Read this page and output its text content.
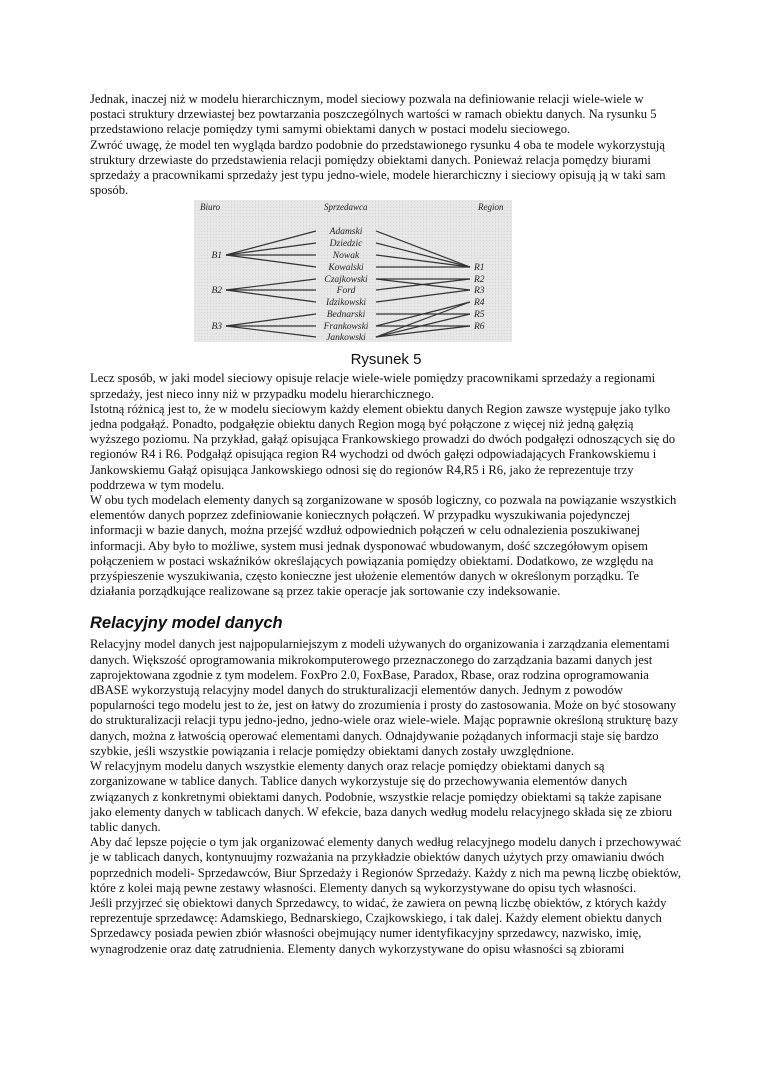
Jednak, inaczej niż w modelu hierarchicznym, model sieciowy pozwala na definiowanie relacji wiele-wiele w postaci struktury drzewiastej bez powtarzania poszczególnych wartości w ramach obiektu danych. Na rysunku 5 przedstawiono relacje pomiędzy tymi samymi obiektami danych w postaci modelu sieciowego.

Zwróć uwagę, że model ten wygląda bardzo podobnie do przedstawionego rysunku 4 oba te modele wykorzystują struktury drzewiaste do przedstawienia relacji pomiędzy obiektami danych. Ponieważ relacja pomędzy biurami sprzedaży a pracownikami sprzedaży jest typu jedno-wiele, modele hierarchiczny i sieciowy opisują ją w taki sam sposób.

Biuro	Sprzedawca	Region
B1
B2
B3
Adamski
Dziedzic
Nowak
Kowalski
Czajkowski
Ford
Idzikowski
Bednarski
Frankowski
Jankowski
R1
R2
R3
R4
R5
R6
Rysunek 5

Lecz sposób, w jaki model sieciowy opisuje relacje wiele-wiele pomiędzy pracownikami sprzedaży a regionami sprzedaży, jest nieco inny niż w przypadku modelu hierarchicznego.

Istotną różnicą jest to, że w modelu sieciowym każdy element obiektu danych Region zawsze występuje jako tylko jedna podgałąź. Ponadto, podgałęzie obiektu danych Region mogą być połączone z więcej niż jedną gałęzią wyższego poziomu. Na przykład, gałąź opisująca Frankowskiego prowadzi do dwóch podgałęzi odnoszących się do regionów R4 i R6. Podgałąź opisująca region R4 wychodzi od dwóch gałęzi odpowiadających Frankowskiemu i Jankowskiemu Gałąź opisująca Jankowskiego odnosi się do regionów R4,R5 i R6, jako że reprezentuje trzy poddrzewa w tym modelu.

W obu tych modelach elementy danych są zorganizowane w sposób logiczny, co pozwala na powiązanie wszystkich elementów danych poprzez zdefiniowanie koniecznych połączeń. W przypadku wyszukiwania pojedynczej informacji w bazie danych, można przejść wzdłuż odpowiednich połączeń w celu odnalezienia poszukiwanej informacji. Aby było to możliwe, system musi jednak dysponować wbudowanym, dość szczegółowym opisem połączeniem w postaci wskaźników określających powiązania pomiędzy obiektami. Dodatkowo, ze względu na przyśpieszenie wyszukiwania, często konieczne jest ułożenie elementów danych w określonym porządku. Te działania porządkujące realizowane są przez takie operacje jak sortowanie czy indeksowanie.

Relacyjny model danych

Relacyjny model danych jest najpopularniejszym z modeli używanych do organizowania i zarządzania elementami danych. Większość oprogramowania mikrokomputerowego przeznaczonego do zarządzania bazami danych jest zaprojektowana zgodnie z tym modelem. FoxPro 2.0, FoxBase, Paradox, Rbase, oraz rodzina oprogramowania dBASE wykorzystują relacyjny model danych do strukturalizacji elementów danych. Jednym z powodów popularności tego modelu jest to że, jest on łatwy do zrozumienia i prosty do zastosowania. Może on być stosowany do strukturalizacji relacji typu jedno-jedno, jedno-wiele oraz wiele-wiele. Mając poprawnie określoną strukturę bazy danych, można z łatwością operować elementami danych. Odnajdywanie pożądanych informacji staje się bardzo szybkie, jeśli wszystkie powiązania i relacje pomiędzy obiektami danych zostały uwzględnione.

W relacyjnym modelu danych wszystkie elementy danych oraz relacje pomiędzy obiektami danych są zorganizowane w tablice danych. Tablice danych wykorzystuje się do przechowywania elementów danych związanych z konkretnymi obiektami danych. Podobnie, wszystkie relacje pomiędzy obiektami są także zapisane jako elementy danych w tablicach danych. W efekcie, baza danych według modelu relacyjnego składa się ze zbioru tablic danych.

Aby dać lepsze pojęcie o tym jak organizować elementy danych według relacyjnego modelu danych i przechowywać je w tablicach danych, kontynuujmy rozważania na przykładzie obiektów danych użytych przy omawianiu dwóch poprzednich modeli- Sprzedawców, Biur Sprzedaży i Regionów Sprzedaży. Każdy z nich ma pewną liczbę obiektów, które z kolei mają pewne zestawy własności. Elementy danych są wykorzystywane do opisu tych własności.

Jeśli przyjrzeć się obiektowi danych Sprzedawcy, to widać, że zawiera on pewną liczbę obiektów, z których każdy reprezentuje sprzedawcę: Adamskiego, Bednarskiego, Czajkowskiego, i tak dalej. Każdy element obiektu danych Sprzedawcy posiada pewien zbiór własności obejmujący numer identyfikacyjny sprzedawcy, nazwisko, imię, wynagrodzenie oraz datę zatrudnienia. Elementy danych wykorzystywane do opisu własności są zbiorami
